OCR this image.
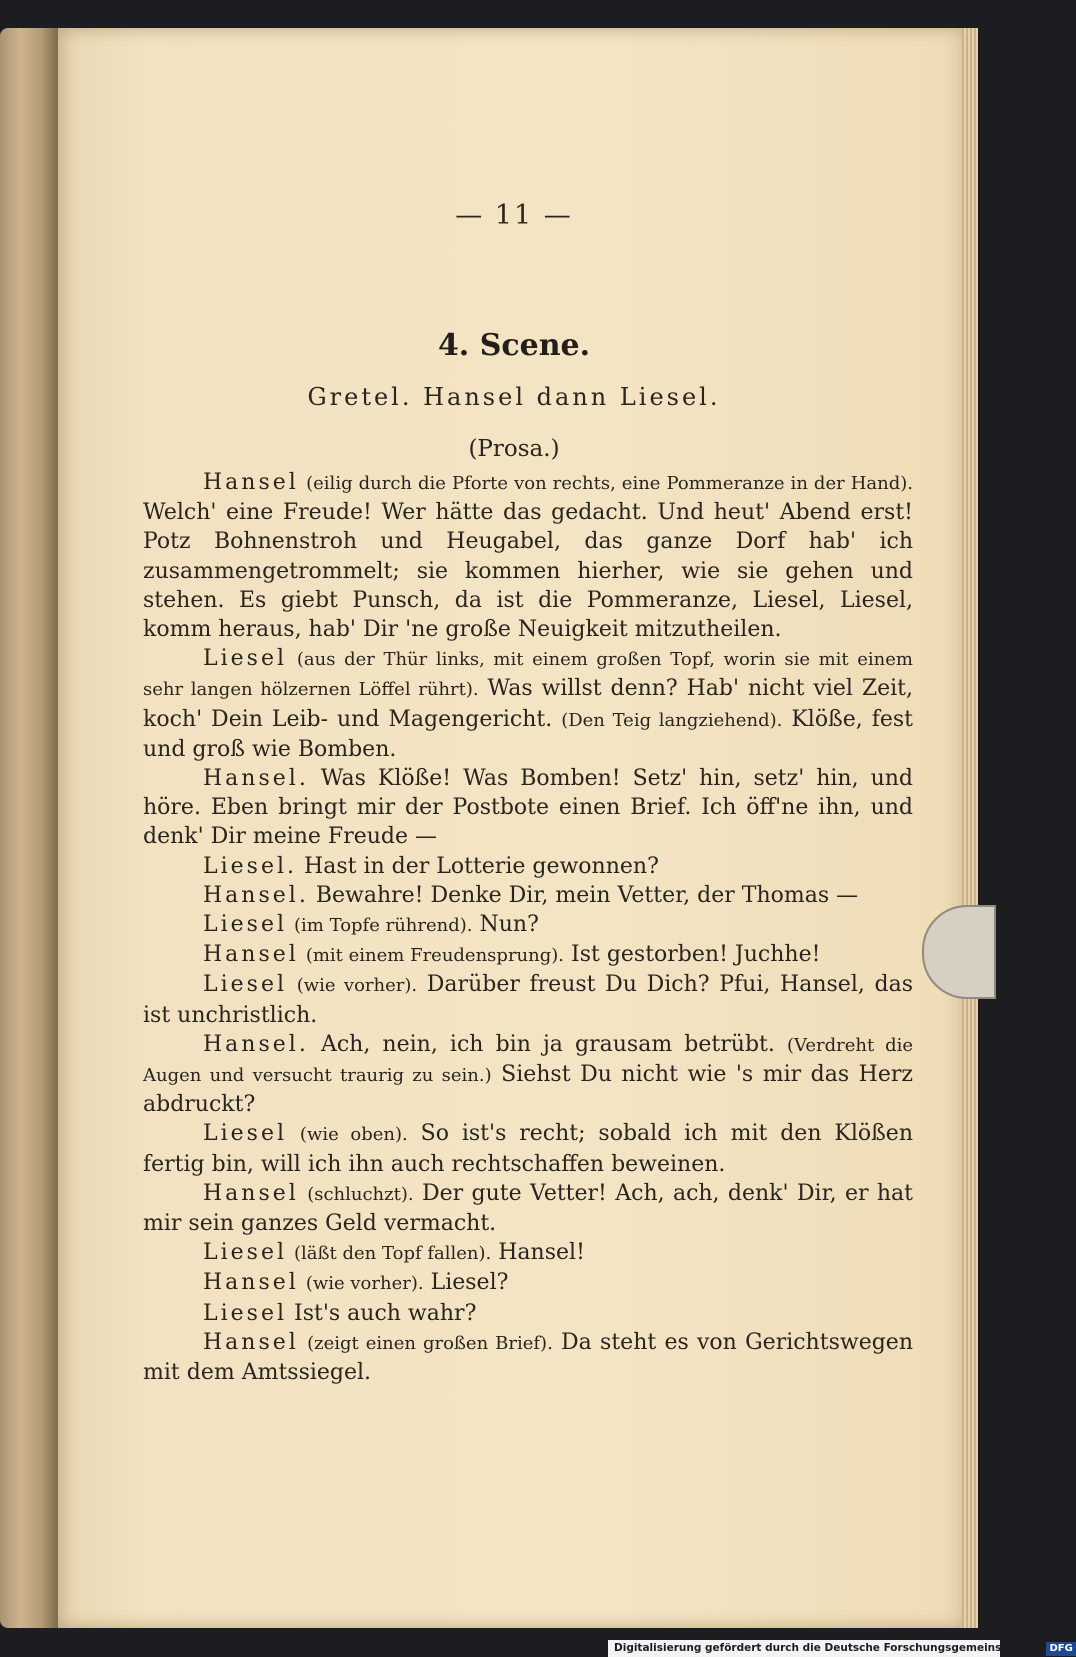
— 11 —
4. Scene.
Gretel. Hansel dann Liesel.
(Prosa.)

Hansel (eilig durch die Pforte von rechts, eine Pommeranze in der Hand). Welch' eine Freude! Wer hätte das gedacht. Und heut' Abend erst! Potz Bohnenstroh und Heugabel, das ganze Dorf hab' ich zusammengetrommelt; sie kommen hierher, wie sie gehen und stehen. Es giebt Punsch, da ist die Pommeranze, Liesel, Liesel, komm heraus, hab' Dir 'ne große Neuigkeit mitzutheilen.

Liesel (aus der Thür links, mit einem großen Topf, worin sie mit einem sehr langen hölzernen Löffel rührt). Was willst denn? Hab' nicht viel Zeit, koch' Dein Leib- und Magengericht. (Den Teig langziehend). Klöße, fest und groß wie Bomben.

Hansel. Was Klöße! Was Bomben! Setz' hin, setz' hin, und höre. Eben bringt mir der Postbote einen Brief. Ich öff'ne ihn, und denk' Dir meine Freude —

Liesel. Hast in der Lotterie gewonnen?

Hansel. Bewahre! Denke Dir, mein Vetter, der Thomas —

Liesel (im Topfe rührend). Nun?

Hansel (mit einem Freudensprung). Ist gestorben! Juchhe!

Liesel (wie vorher). Darüber freust Du Dich? Pfui, Hansel, das ist unchristlich.

Hansel. Ach, nein, ich bin ja grausam betrübt. (Verdreht die Augen und versucht traurig zu sein.) Siehst Du nicht wie 's mir das Herz abdruckt?

Liesel (wie oben). So ist's recht; sobald ich mit den Klößen fertig bin, will ich ihn auch rechtschaffen beweinen.

Hansel (schluchzt). Der gute Vetter! Ach, ach, denk' Dir, er hat mir sein ganzes Geld vermacht.

Liesel (läßt den Topf fallen). Hansel!

Hansel (wie vorher). Liesel?

Liesel Ist's auch wahr?

Hansel (zeigt einen großen Brief). Da steht es von Gerichtswegen mit dem Amtssiegel.

Digitalisierung gefördert durch die Deutsche Forschungsgemeinschaft - DFG
